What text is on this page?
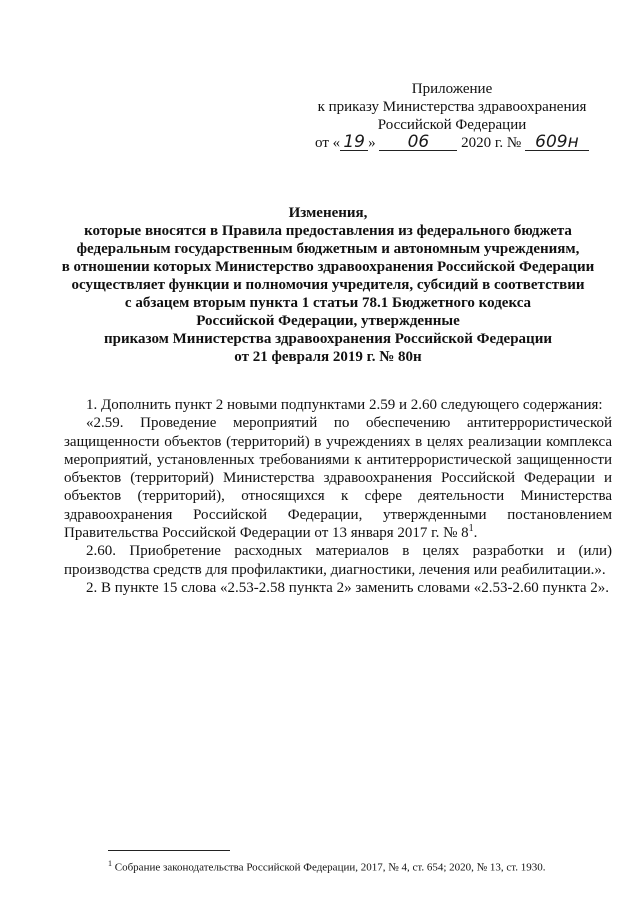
Приложение
к приказу Министерства здравоохранения
Российской Федерации
от « 19 » 06 2020 г. № 609н
Изменения,
которые вносятся в Правила предоставления из федерального бюджета
федеральным государственным бюджетным и автономным учреждениям,
в отношении которых Министерство здравоохранения Российской Федерации
осуществляет функции и полномочия учредителя, субсидий в соответствии
с абзацем вторым пункта 1 статьи 78.1 Бюджетного кодекса
Российской Федерации, утвержденные
приказом Министерства здравоохранения Российской Федерации
от 21 февраля 2019 г. № 80н

1. Дополнить пункт 2 новыми подпунктами 2.59 и 2.60 следующего содержания:

«2.59. Проведение мероприятий по обеспечению антитеррористической защищенности объектов (территорий) в учреждениях в целях реализации комплекса мероприятий, установленных требованиями к антитеррористической защищенности объектов (территорий) Министерства здравоохранения Российской Федерации и объектов (территорий), относящихся к сфере деятельности Министерства здравоохранения Российской Федерации, утвержденными постановлением Правительства Российской Федерации от 13 января 2017 г. № $8^1$.

2.60. Приобретение расходных материалов в целях разработки и (или) производства средств для профилактики, диагностики, лечения или реабилитации.».

2. В пункте 15 слова «2.53-2.58 пункта 2» заменить словами «2.53-2.60 пункта 2».

$^1$ Собрание законодательства Российской Федерации, 2017, № 4, ст. 654; 2020, № 13, ст. 1930.
